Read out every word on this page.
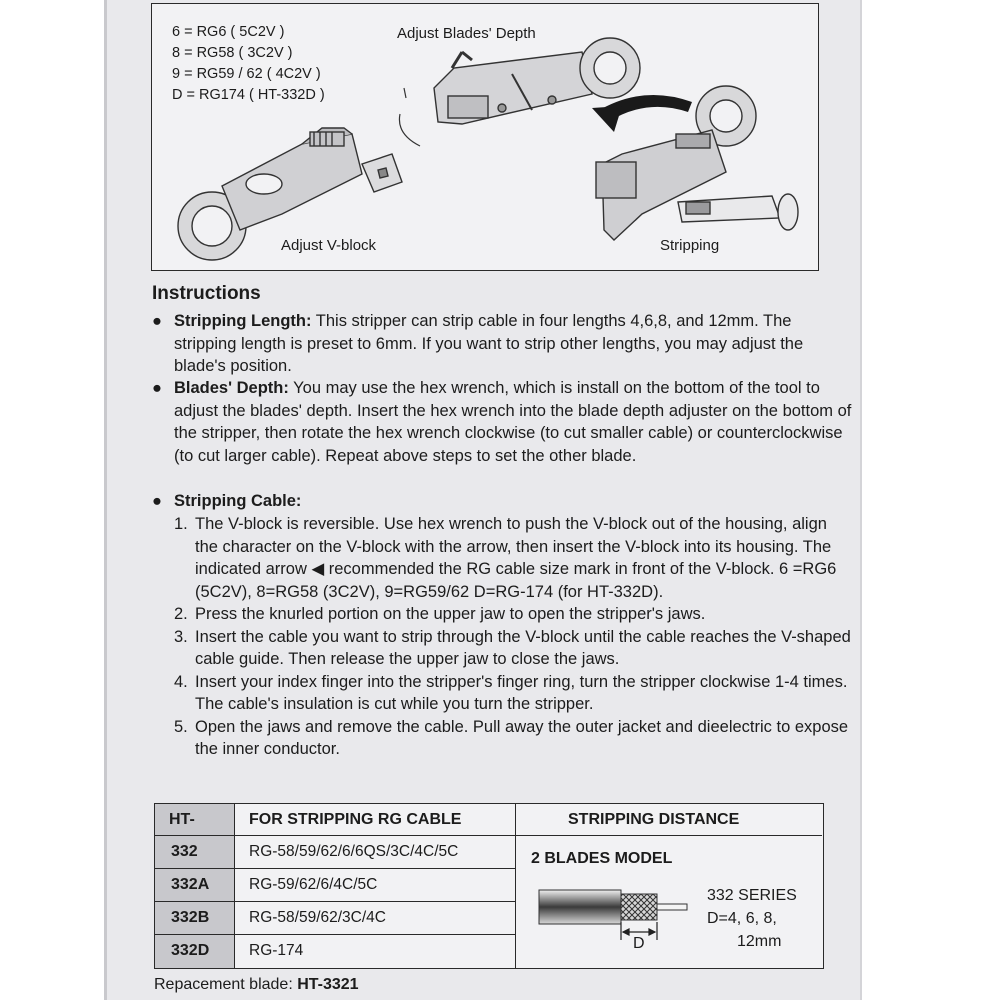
6 = RG6 ( 5C2V )
8 = RG58 ( 3C2V )
9 = RG59 / 62 ( 4C2V )
D = RG174 ( HT-332D )
Adjust Blades' Depth
Adjust V-block	Stripping
Instructions
● Stripping Length: This stripper can strip cable in four lengths 4,6,8, and 12mm. The stripping length is preset to 6mm. If you want to strip other lengths, you may adjust the blade's position.
● Blades' Depth: You may use the hex wrench, which is install on the bottom of the tool to adjust the blades' depth. Insert the hex wrench into the blade depth adjuster on the bottom of the stripper, then rotate the hex wrench clockwise (to cut smaller cable) or counterclockwise (to cut larger cable). Repeat above steps to set the other blade.
● Stripping Cable:
1. The V-block is reversible. Use hex wrench to push the V-block out of the housing, align the character on the V-block with the arrow, then insert the V-block into its housing. The indicated arrow ◀ recommended the RG cable size mark in front of the V-block. 6 =RG6 (5C2V), 8=RG58 (3C2V), 9=RG59/62 D=RG-174 (for HT-332D).
2. Press the knurled portion on the upper jaw to open the stripper's jaws.
3. Insert the cable you want to strip through the V-block until the cable reaches the V-shaped cable guide. Then release the upper jaw to close the jaws.
4. Insert your index finger into the stripper's finger ring, turn the stripper clockwise 1-4 times. The cable's insulation is cut while you turn the stripper.
5. Open the jaws and remove the cable. Pull away the outer jacket and dieelectric to expose the inner conductor.
HT-	FOR STRIPPING RG CABLE	STRIPPING DISTANCE
332	RG-58/59/62/6/6QS/3C/4C/5C
332A	RG-59/62/6/4C/5C
332B	RG-58/59/62/3C/4C
332D	RG-174
2 BLADES MODEL
D
332 SERIES
D=4, 6, 8,
12mm
Repacement blade: HT-3321
